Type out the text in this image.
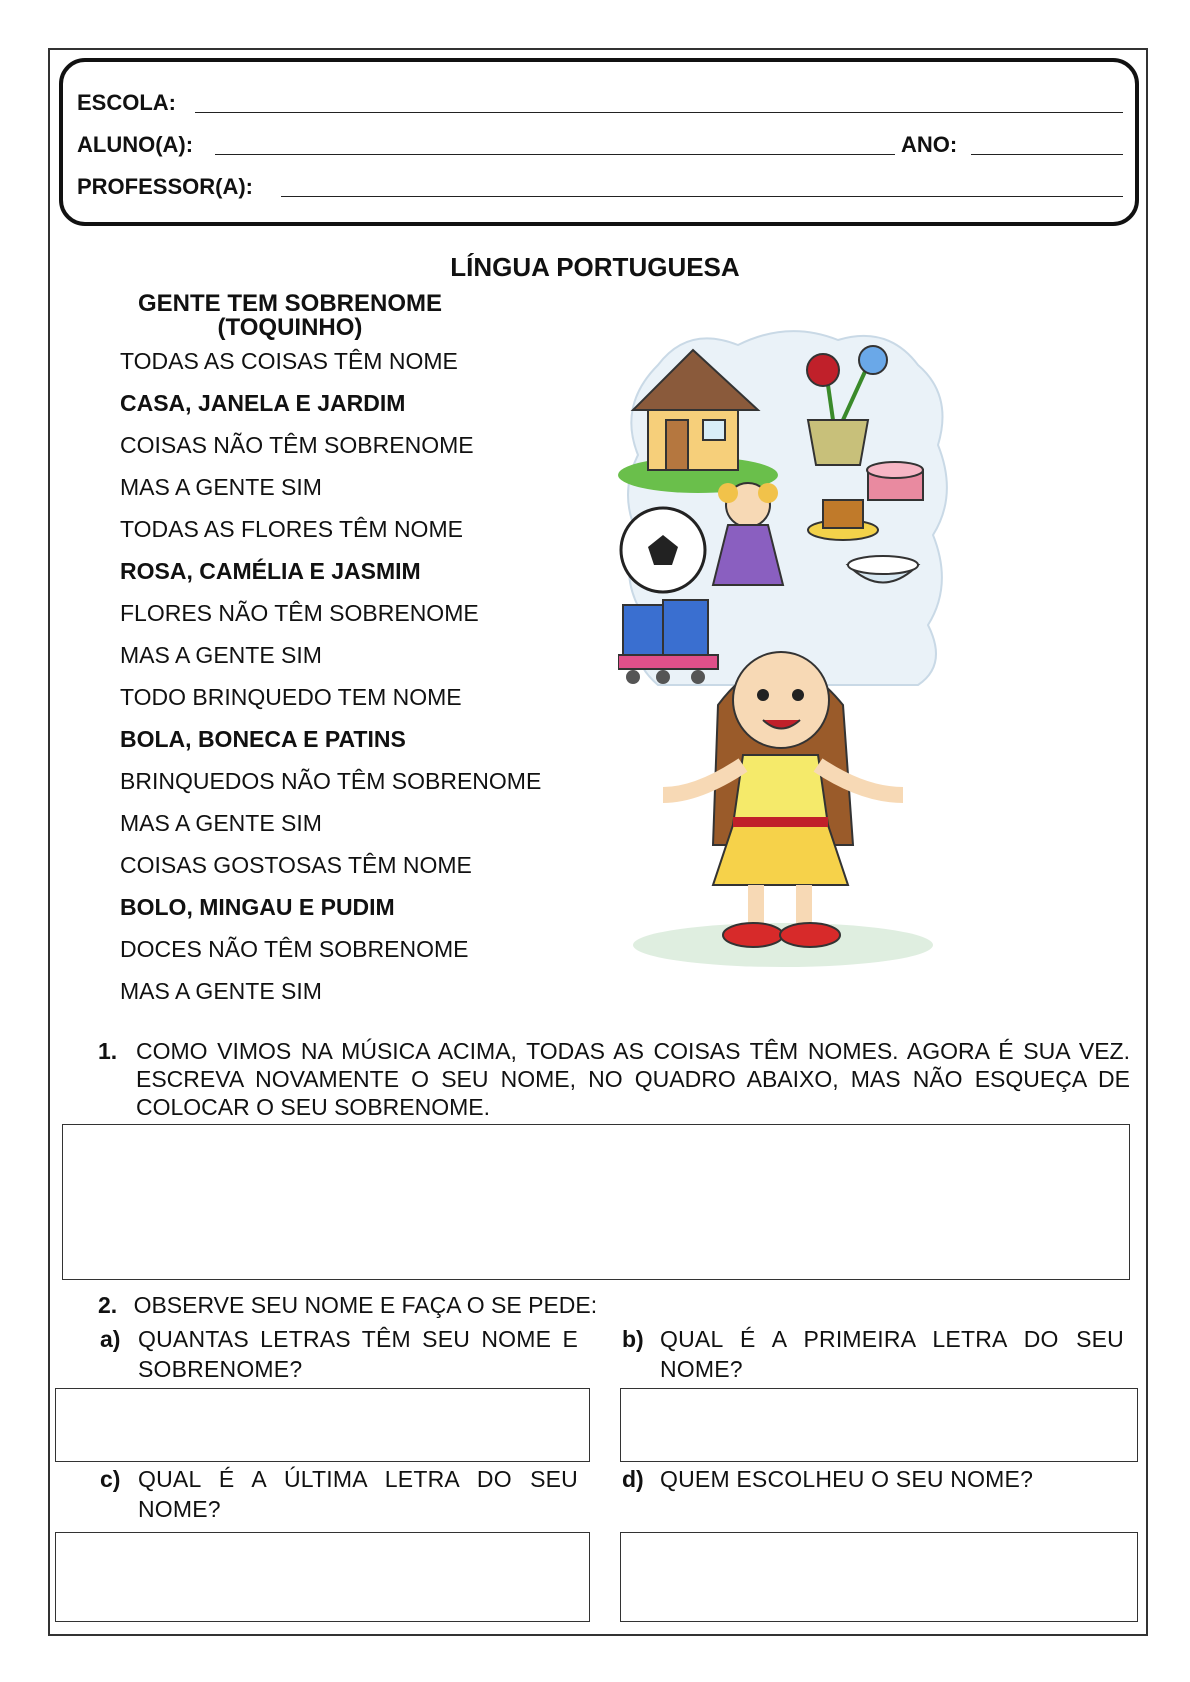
ESCOLA:
ALUNO(A):	ANO:
PROFESSOR(A):
LÍNGUA PORTUGUESA
GENTE TEM SOBRENOME
(TOQUINHO)
TODAS AS COISAS TÊM NOME
CASA, JANELA E JARDIM
COISAS NÃO TÊM SOBRENOME
MAS A GENTE SIM
TODAS AS FLORES TÊM NOME
ROSA, CAMÉLIA E JASMIM
FLORES NÃO TÊM SOBRENOME
MAS A GENTE SIM
TODO BRINQUEDO TEM NOME
BOLA, BONECA E PATINS
BRINQUEDOS NÃO TÊM SOBRENOME
MAS A GENTE SIM
COISAS GOSTOSAS TÊM NOME
BOLO, MINGAU E PUDIM
DOCES NÃO TÊM SOBRENOME
MAS A GENTE SIM
1. COMO VIMOS NA MÚSICA ACIMA, TODAS AS COISAS TÊM NOMES. AGORA É SUA VEZ. ESCREVA NOVAMENTE O SEU NOME, NO QUADRO ABAIXO, MAS NÃO ESQUEÇA DE COLOCAR O SEU SOBRENOME.
2. OBSERVE SEU NOME E FAÇA O SE PEDE:
a) QUANTAS LETRAS TÊM SEU NOME E SOBRENOME?
b) QUAL É A PRIMEIRA LETRA DO SEU NOME?
c) QUAL É A ÚLTIMA LETRA DO SEU NOME?
d) QUEM ESCOLHEU O SEU NOME?
